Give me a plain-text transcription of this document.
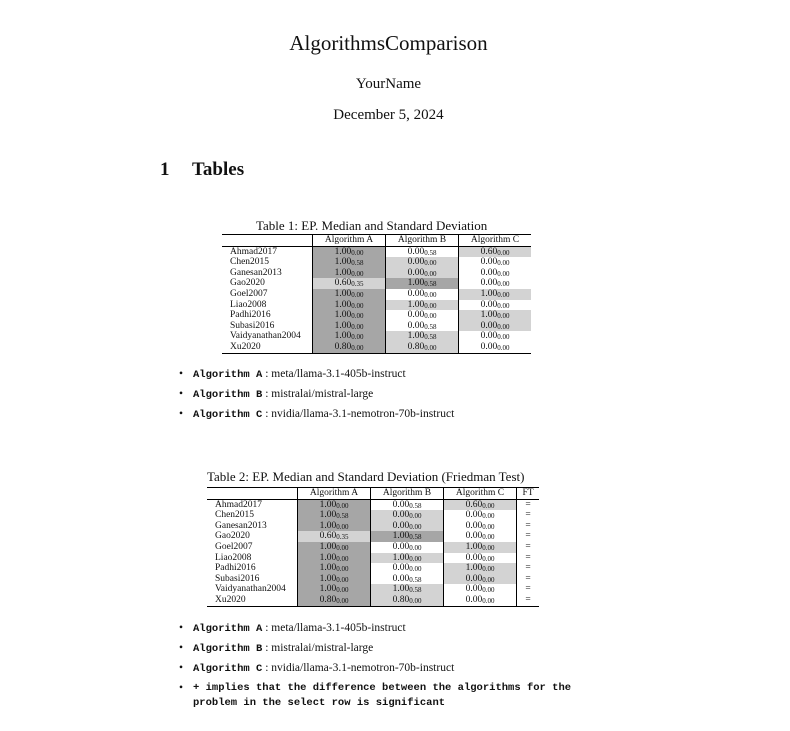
AlgorithmsComparison
YourName
December 5, 2024
1 Tables
Table 1: EP. Median and Standard Deviation
	Algorithm A	Algorithm B	Algorithm C
Ahmad2017	$1.00_{0.00}$	$0.00_{0.58}$	$0.60_{0.00}$
Chen2015	$1.00_{0.58}$	$0.00_{0.00}$	$0.00_{0.00}$
Ganesan2013	$1.00_{0.00}$	$0.00_{0.00}$	$0.00_{0.00}$
Gao2020	$0.60_{0.35}$	$1.00_{0.58}$	$0.00_{0.00}$
Goel2007	$1.00_{0.00}$	$0.00_{0.00}$	$1.00_{0.00}$
Liao2008	$1.00_{0.00}$	$1.00_{0.00}$	$0.00_{0.00}$
Padhi2016	$1.00_{0.00}$	$0.00_{0.00}$	$1.00_{0.00}$
Subasi2016	$1.00_{0.00}$	$0.00_{0.58}$	$0.00_{0.00}$
Vaidyanathan2004	$1.00_{0.00}$	$1.00_{0.58}$	$0.00_{0.00}$
Xu2020	$0.80_{0.00}$	$0.80_{0.00}$	$0.00_{0.00}$
• Algorithm A : meta/llama-3.1-405b-instruct
• Algorithm B : mistralai/mistral-large
• Algorithm C : nvidia/llama-3.1-nemotron-70b-instruct
Table 2: EP. Median and Standard Deviation (Friedman Test)
	Algorithm A	Algorithm B	Algorithm C	FT
Ahmad2017	$1.00_{0.00}$	$0.00_{0.58}$	$0.60_{0.00}$	=
Chen2015	$1.00_{0.58}$	$0.00_{0.00}$	$0.00_{0.00}$	=
Ganesan2013	$1.00_{0.00}$	$0.00_{0.00}$	$0.00_{0.00}$	=
Gao2020	$0.60_{0.35}$	$1.00_{0.58}$	$0.00_{0.00}$	=
Goel2007	$1.00_{0.00}$	$0.00_{0.00}$	$1.00_{0.00}$	=
Liao2008	$1.00_{0.00}$	$1.00_{0.00}$	$0.00_{0.00}$	=
Padhi2016	$1.00_{0.00}$	$0.00_{0.00}$	$1.00_{0.00}$	=
Subasi2016	$1.00_{0.00}$	$0.00_{0.58}$	$0.00_{0.00}$	=
Vaidyanathan2004	$1.00_{0.00}$	$1.00_{0.58}$	$0.00_{0.00}$	=
Xu2020	$0.80_{0.00}$	$0.80_{0.00}$	$0.00_{0.00}$	=
• Algorithm A : meta/llama-3.1-405b-instruct
• Algorithm B : mistralai/mistral-large
• Algorithm C : nvidia/llama-3.1-nemotron-70b-instruct
• + implies that the difference between the algorithms for the
problem in the select row is significant
